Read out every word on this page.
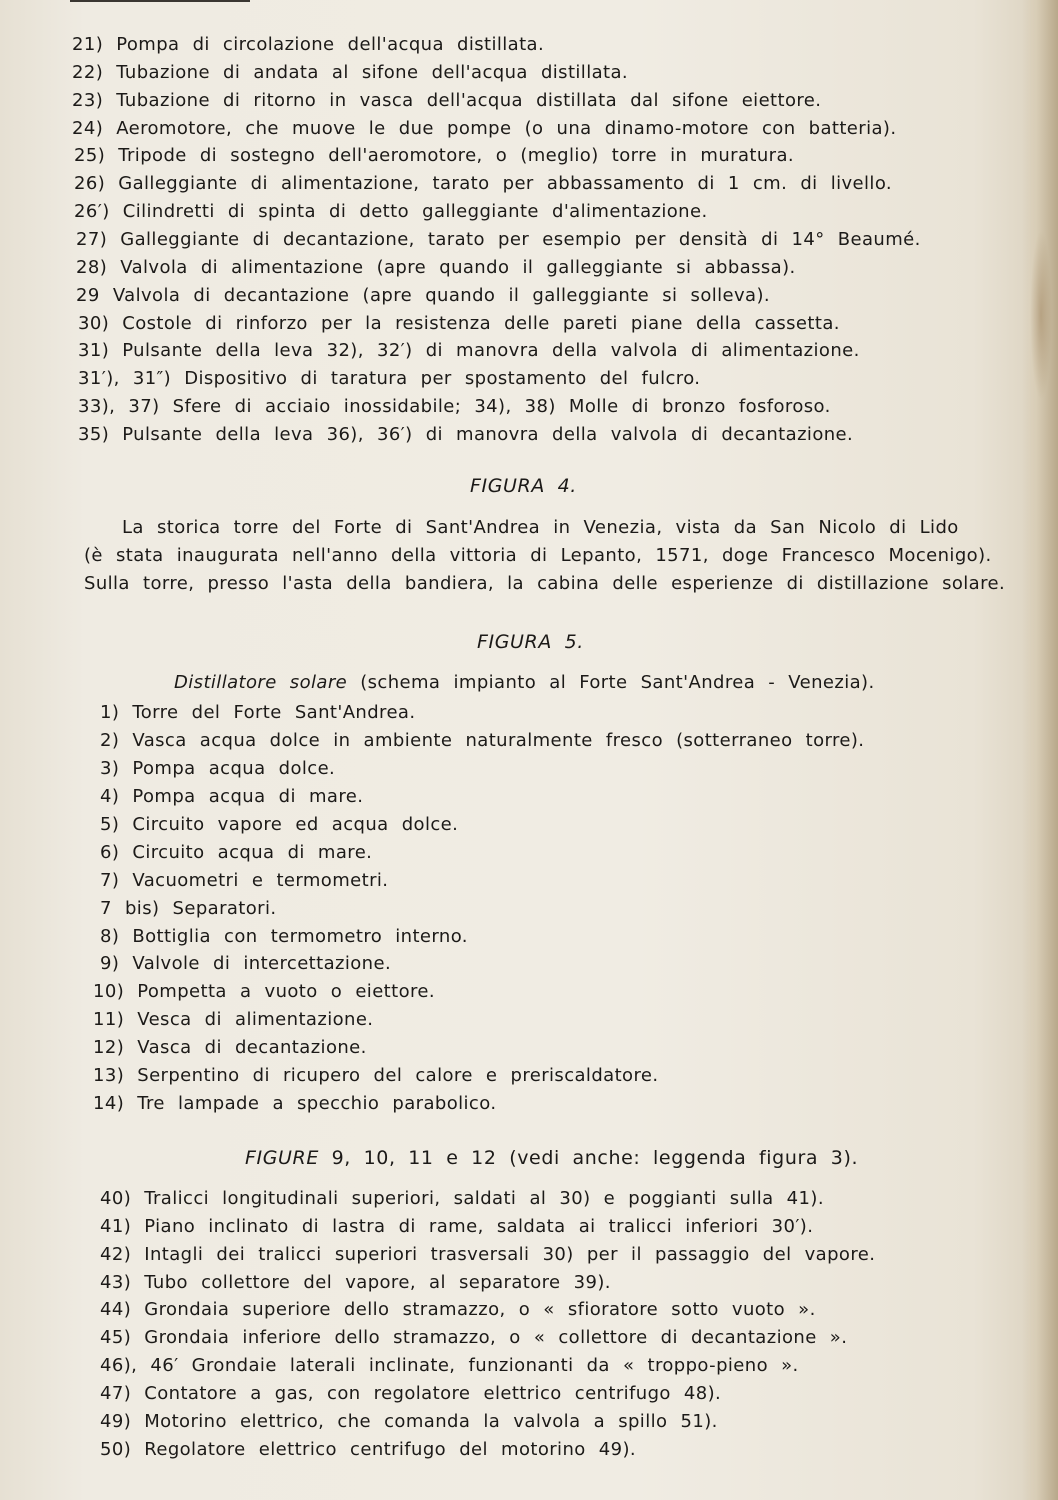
21) Pompa di circolazione dell'acqua distillata.
22) Tubazione di andata al sifone dell'acqua distillata.
23) Tubazione di ritorno in vasca dell'acqua distillata dal sifone eiettore.
24) Aeromotore, che muove le due pompe (o una dinamo-motore con batteria).
25) Tripode di sostegno dell'aeromotore, o (meglio) torre in muratura.
26) Galleggiante di alimentazione, tarato per abbassamento di 1 cm. di livello.
26′) Cilindretti di spinta di detto galleggiante d'alimentazione.
27) Galleggiante di decantazione, tarato per esempio per densità di 14° Beaumé.
28) Valvola di alimentazione (apre quando il galleggiante si abbassa).
29 Valvola di decantazione (apre quando il galleggiante si solleva).
30) Costole di rinforzo per la resistenza delle pareti piane della cassetta.
31) Pulsante della leva 32), 32′) di manovra della valvola di alimentazione.
31′), 31″) Dispositivo di taratura per spostamento del fulcro.
33), 37) Sfere di acciaio inossidabile; 34), 38) Molle di bronzo fosforoso.
35) Pulsante della leva 36), 36′) di manovra della valvola di decantazione.
FIGURA 4.
La storica torre del Forte di Sant'Andrea in Venezia, vista da San Nicolo di Lido
(è stata inaugurata nell'anno della vittoria di Lepanto, 1571, doge Francesco Mocenigo).
Sulla torre, presso l'asta della bandiera, la cabina delle esperienze di distillazione solare.
FIGURA 5.
Distillatore solare (schema impianto al Forte Sant'Andrea - Venezia).
1) Torre del Forte Sant'Andrea.
2) Vasca acqua dolce in ambiente naturalmente fresco (sotterraneo torre).
3) Pompa acqua dolce.
4) Pompa acqua di mare.
5) Circuito vapore ed acqua dolce.
6) Circuito acqua di mare.
7) Vacuometri e termometri.
7 bis) Separatori.
8) Bottiglia con termometro interno.
9) Valvole di intercettazione.
10) Pompetta a vuoto o eiettore.
11) Vesca di alimentazione.
12) Vasca di decantazione.
13) Serpentino di ricupero del calore e preriscaldatore.
14) Tre lampade a specchio parabolico.
FIGURE 9, 10, 11 e 12 (vedi anche: leggenda figura 3).
40) Tralicci longitudinali superiori, saldati al 30) e poggianti sulla 41).
41) Piano inclinato di lastra di rame, saldata ai tralicci inferiori 30′).
42) Intagli dei tralicci superiori trasversali 30) per il passaggio del vapore.
43) Tubo collettore del vapore, al separatore 39).
44) Grondaia superiore dello stramazzo, o « sfioratore sotto vuoto ».
45) Grondaia inferiore dello stramazzo, o « collettore di decantazione ».
46), 46′ Grondaie laterali inclinate, funzionanti da « troppo-pieno ».
47) Contatore a gas, con regolatore elettrico centrifugo 48).
49) Motorino elettrico, che comanda la valvola a spillo 51).
50) Regolatore elettrico centrifugo del motorino 49).
